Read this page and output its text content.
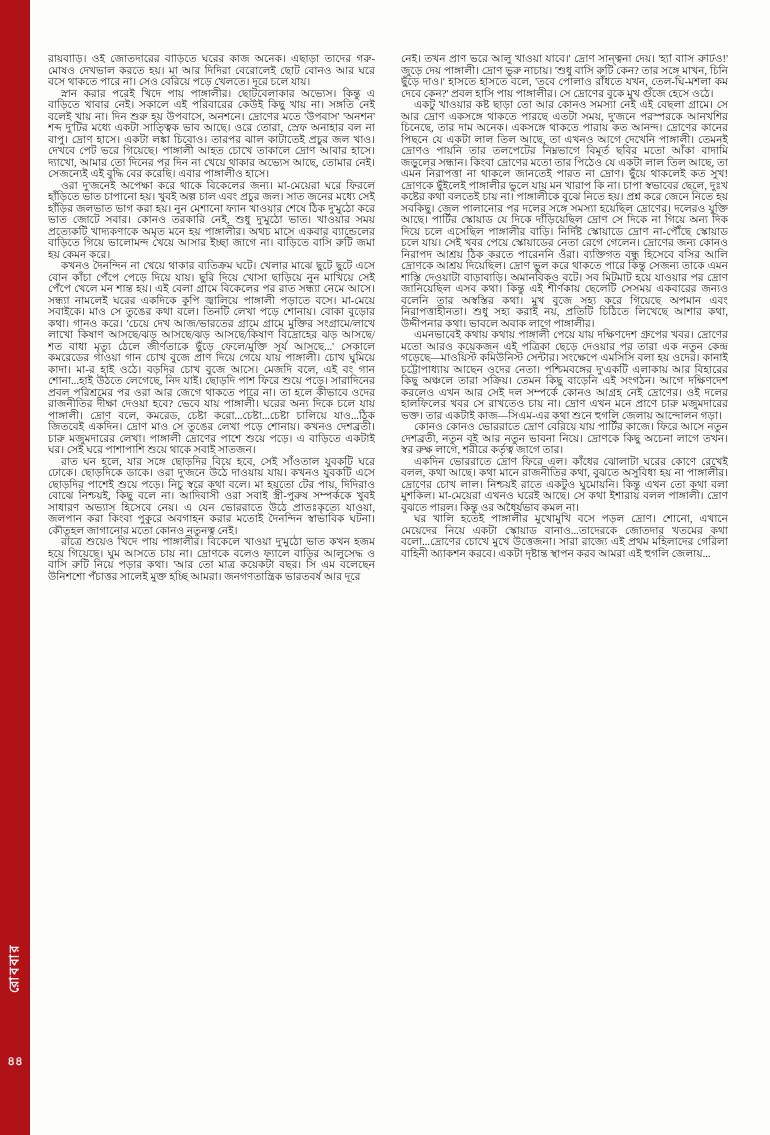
রোববার
৪৪

রায়বাড়ি। ওই জোতদারের বাড়িতে ঘরের কাজ অনেক। এছাড়া তাদের গরু-মোষও দেখভাল করতে হয়। মা আর দিদিরা বেরোলেই ছোট বোনও আর ঘরে বসে থাকতে পারে না। সেও বেরিয়ে পড়ে খেলতে। দূরে চলে যায়।

স্নান করার পরেই খিদে পায় পাঙ্গালীর। ছোটবেলাকার অভ্যেস। কিন্তু এ বাড়িতে খাবার নেই। সকালে এই পরিবারের কেউই কিছু খায় না। সঙ্গতি নেই বলেই খায় না। দিন শুরু হয় উপবাসে, অনশনে। দ্রোণের মতে 'উপবাস' 'অনশন' শব্দ দু'টির মধ্যে একটা সাত্ত্বিক ভাব আছে। ওরে তোরা, স্রেফ অনাহার বল না বাপু। দ্রোণ হাসে। একটা লঙ্কা চিবোও। তারপর ঝাল কাটাতেই প্রচুর জল খাও। দেখবে পেট ভরে গিয়েছে। পাঙ্গালী আহত চোখে তাকালে দ্রোণ আবার হাসে। দ্যাখো, আমার তো দিনের পর দিন না খেয়ে থাকার অভ্যেস আছে, তোমার নেই। সেজন্যেই এই বুদ্ধি বের করেছি। এবার পাঙ্গালীও হাসে।

ওরা দু'জনেই অপেক্ষা করে থাকে বিকেলের জন্য। মা-মেয়েরা ঘরে ফিরলে হাঁড়িতে ভাত চাপানো হয়। খুবই অল্প চাল এবং প্রচুর জল। সাত জনের মধ্যে সেই হাঁড়ির জলভাত ভাগ করা হয়। নুন মেশানো ফ্যান খাওয়ার শেষে ঠিক দু'মুঠো করে ভাত জোটে সবার। কোনও তরকারি নেই, শুধু দু'মুঠো ভাত। খাওয়ার সময় প্রত্যেকটি খাদ্যকণাকে অমৃত মনে হয় পাঙ্গালীর। অথচ মাসে একবার ব্যান্ডেলের বাড়িতে গিয়ে ভালোমন্দ খেয়ে আসার ইচ্ছা জাগে না। বাড়িতে বাসি রুটি জমা হয় কেমন করে।

কখনও দৈনন্দিন না খেয়ে থাকার ব্যতিক্রম ঘটে। খেলার মাঝে ছুটে ছুটে এসে বোন কাঁচা পেঁপে পেড়ে দিয়ে যায়। ছুরি দিয়ে খোসা ছাড়িয়ে নুন মাখিয়ে সেই পেঁপে খেলে মন শান্ত হয়। এই বেলা গ্রামে বিকেলের পর রাত সন্ধ্যা নেমে আসে। সন্ধ্যা নামলেই ঘরের একদিকে কুপি জ্বালিয়ে পাঙ্গালী পড়াতে বসে। মা-মেয়ে সবাইকে। মাও সে তুঙের কথা বলে। তিনটি লেখা পড়ে শোনায়। বোকা বুড়োর কথা। গানও করে। 'চেয়ে দেখ আজ/ভারতের গ্রামে গ্রামে মুক্তির সংগ্রামে/লাখে লাখো কিষাণ আসছে/ঝড় আসছে/ঝড় আসছে/কিষাণ বিদ্রোহের ঝড় আসছে/শত বাধা মৃত্যু ঠেলে জীর্ণতাকে ছুঁড়ে ফেলে/মুক্তি সূর্য আসছে...' সেকালে কমরেডের গাওয়া গান চোখ বুজে প্রাণ দিয়ে গেয়ে যায় পাঙ্গালী। চোখ ঘুমিয়ে কাদা। মা-র হাই ওঠে। বড়দির চোখ বুজে আসে। মেজদি বলে, এই বং গান শোনা...হাই উঠতে লেগেছে, নিদ যাই। ছোড়দি পাশ ফিরে শুয়ে পড়ে। সারাদিনের প্রবল পরিশ্রমের পর ওরা আর জেগে থাকতে পারে না। তা হলে কীভাবে ওদের রাজনীতির দীক্ষা দেওয়া হবে? ভেবে যায় পাঙ্গালী। ঘরের অন্য দিকে চলে যায় পাঙ্গালী। দ্রোণ বলে, কমরেড, চেষ্টা করো...চেষ্টা...চেষ্টা চালিয়ে যাও...ঠিক জিতবেই একদিন। দ্রোণ মাও সে তুঙের লেখা পড়ে শোনায়। কখনও দেশব্রতী। চারু মজুমদারের লেখা। পাঙ্গালী দ্রোণের পাশে শুয়ে পড়ে। এ বাড়িতে একটাই ঘর। সেই ঘরে পাশাপাশি শুয়ে থাকে সবাই সাতজন।

রাত ঘন হলে, যার সঙ্গে ছোড়দির বিয়ে হবে, সেই সাঁওতাল যুবকটি ঘরে ঢোকে। ছোড়দিকে ডাকে। ওরা দু'জনে উঠে দাওয়ায় যায়। কখনও যুবকটি এসে ছোড়দির পাশেই শুয়ে পড়ে। নিচু স্বরে কথা বলে। মা হয়তো টের পায়, দিদিরাও বোঝে নিশ্চয়ই, কিছু বলে না। আদিবাসী ওরা সবাই স্ত্রী-পুরুষ সম্পর্ককে খুবই সাধারণ অভ্যাস হিসেবে নেয়। এ যেন ভোররাতে উঠে প্রাতঃকৃত্যে যাওয়া, জলপান করা কিংবা পুকুরে অবগাহন করার মতোই দৈনন্দিন স্বাভাবিক ঘটনা। কৌতূহল জাগানোর মতো কোনও নতুনত্ব নেই।

রাত্রে শুয়েও খিদে পায় পাঙ্গালীর। বিকেলে খাওয়া দু'মুঠো ভাত কখন হজম হয়ে গিয়েছে। ঘুম আসতে চায় না। দ্রোণকে বলেও ফ্যালে বাড়ির আলুসেদ্ধ ও বাসি রুটি নিয়ে পড়ার কথা। 'আর তো মাত্র কয়েকটা বছর। সি এম বলেছেন উনিশশো পঁচাত্তর সালেই মুক্ত হচ্ছি আমরা। জনগণতান্ত্রিক ভারতবর্ষ আর দূরে

নেই। তখন প্রাণ ভরে আলু খাওয়া যাবে।' দ্রোণ সান্ত্বনা দেয়। 'হ্যাঁ বাসি রুটিও!' জুড়ে দেয় পাঙ্গালী। দ্রোণ ভুরু নাচায়। 'শুধু বাসি রুটি কেন? তার সঙ্গে মাখন, চিনি ছুঁড়ে দাও।' হাসতে হাসতে বলে, 'তবে পোলাও রাঁধতে যখন, তেল-ঘি-মশলা কম দেবে কেন?' প্রবল হাসি পায় পাঙ্গালীর। সে দ্রোণের বুকে মুখ গুঁজে হেসে ওঠে।

একটু খাওয়ার কষ্ট ছাড়া তো আর কোনও সমস্যা নেই এই বেছলা গ্রামে। সে আর দ্রোণ একসঙ্গে থাকতে পারছে এতটা সময়, দু'জনে পরস্পরকে আনখশির চিনেছে, তার দাম অনেক। একসঙ্গে থাকতে পারায় কত আনন্দ। দ্রোণের কানের পিছনে যে একটা লাল তিল আছে, তা এখনও আগে দেখেনি পাঙ্গালী। তেমনই দ্রোণও পায়নি তার তলপেটের নিম্নভাগে বিমূর্ত ছবির মতো আঁকা বাদামি জড়ুলের সন্ধান। কিংবা দ্রোণের মতো তার পিঠেও যে একটা লাল তিল আছে, তা এমন নিরাপত্তা না থাকলে জানতেই পারত না দ্রোণ। ছুঁয়ে থাকলেই কত সুখ! দ্রোণকে ছুঁইলেই পাঙ্গালীর ভুলে যায় মন খারাপ কি না। চাপা স্বভাবের ছেলে, দুঃখ কষ্টের কথা বলতেই চায় না। পাঙ্গালীকে বুঝে নিতে হয়। প্রশ্ন করে জেনে নিতে হয় সবকিছু। জেল পালানোর পর দলের সঙ্গে সমস্যা হয়েছিল দ্রোণের। দলেরও যুক্তি আছে। পার্টির স্কোয়াড যে দিকে দাঁড়িয়েছিল দ্রোণ সে দিকে না গিয়ে অন্য দিক দিয়ে চলে এসেছিল পাঙ্গালীর বাড়ি। নির্দিষ্ট স্কোয়াডে দ্রোণ না-পৌঁছে স্কোয়াড চলে যায়। সেই খবর পেয়ে স্কোয়াডের নেতা রেগে গেলেন। দ্রোণের জন্য কোনও নিরাপদ আশ্রয় ঠিক করতে পারেননি ওঁরা। ব্যক্তিগত বন্ধু হিসেবে বসির আলি দ্রোণকে আশ্রয় দিয়েছিল। দ্রোণ ভুল করে থাকতে পারে কিন্তু সেজন্য তাকে এমন শাস্তি দেওয়াটা বাড়াবাড়ি। অমানবিকও বটে। সব মিটমাট হয়ে যাওয়ার পর দ্রোণ জানিয়েছিল এসব কথা। কিন্তু এই শীর্ণকায় ছেলেটি সেসময় একবারের জন্যও বলেনি তার অস্বস্তির কথা। মুখ বুজে সহ্য করে গিয়েছে অপমান এবং নিরাপত্তাহীনতা। শুধু সহ্য করাই নয়, প্রতিটি চিঠিতে লিখেছে আশার কথা, উদ্দীপনার কথা। ভাবলে অবাক লাগে পাঙ্গালীর।

এমনভাবেই কথায় কথায় পাঙ্গালী পেয়ে যায় দক্ষিণদেশ গ্রুপের খবর। দ্রোণের মতো আরও কয়েকজন এই পত্রিকা ছেড়ে দেওয়ার পর তারা এক নতুন কেন্দ্র গড়েছে—মাওয়িস্ট কমিউনিস্ট সেন্টার। সংক্ষেপে এমসিসি বলা হয় ওদের। কানাই চট্টোপাধ্যায় আছেন ওদের নেতা। পশ্চিমবঙ্গের দু'একটি এলাকায় আর বিহারের কিছু অঞ্চলে তারা সক্রিয়। তেমন কিছু বাড়েনি এই সংগঠন। আগে দক্ষিণদেশ করলেও এখন আর সেই দল সম্পর্কে কোনও আগ্রহ নেই দ্রোণের। ওই দলের হালফিলের খবর সে রাখতেও চায় না। দ্রোণ এখন মনে প্রাণে চারু মজুমদারের ভক্ত। তার একটাই কাজ—সিএম-এর কথা শুনে হুগলি জেলায় আন্দোলন গড়া।

কোনও কোনও ভোররাতে দ্রোণ বেরিয়ে যায় পার্টির কাজে। ফিরে আসে নতুন দেশব্রতী, নতুন বই আর নতুন ভাবনা নিয়ে। দ্রোণকে কিছু অচেনা লাগে তখন। স্বর রুক্ষ লাগে, শরীরে কর্তৃত্ব জাগে তার।

একদিন ভোররাতে দ্রোণ ফিরে এল। কাঁধের ঝোলাটা ঘরের কোণে রেখেই বলল, কথা আছে। কথা মানে রাজনীতির কথা, বুঝতে অসুবিধা হয় না পাঙ্গালীর। দ্রোণের চোখ লাল। নিশ্চয়ই রাতে একটুও ঘুমোয়নি। কিন্তু এখন তো কথা বলা মুশকিল। মা-মেয়েরা এখনও ঘরেই আছে। সে কথা ইশারায় বলল পাঙ্গালী। দ্রোণ বুঝতে পারল। কিন্তু ওর অধৈর্যভাব কমল না।

ঘর খালি হতেই পাঙ্গালীর মুখোমুখি বসে পড়ল দ্রোণ। শোনো, এখানে মেয়েদের নিয়ে একটা স্কোয়াড বানাও...তাদেরকে জোতদার খতমের কথা বলো...দ্রোণের চোখে মুখে উত্তেজনা। সারা রাজ্যে এই প্রথম মহিলাদের গেরিলা বাহিনী অ্যাকশন করবে। একটা দৃষ্টান্ত স্থাপন করব আমরা এই হুগলি জেলায়...
